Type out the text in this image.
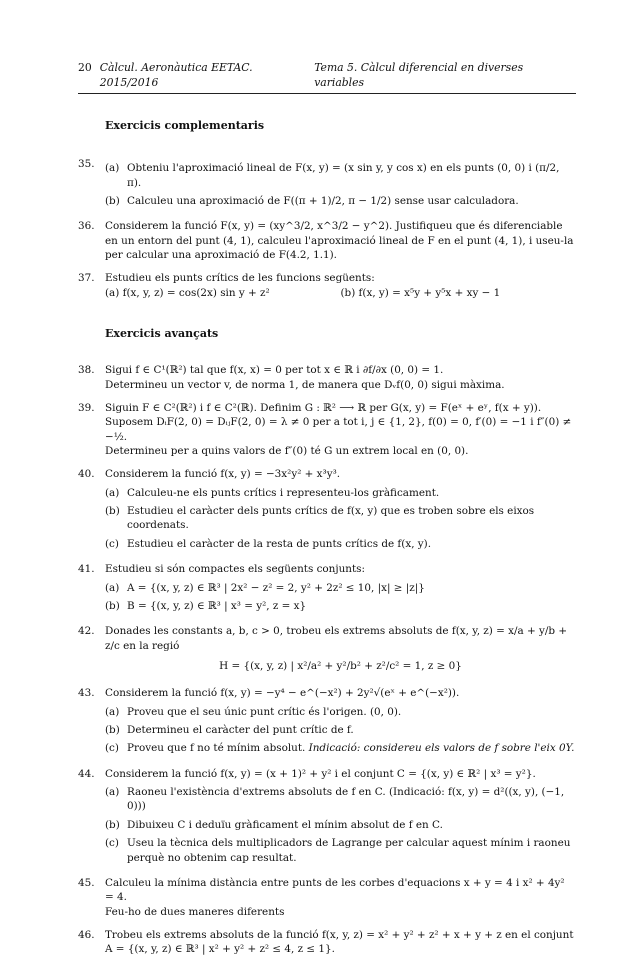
20 Càlcul. Aeronàutica EETAC. 2015/2016
Tema 5. Càlcul diferencial en diverses variables
Exercicis complementaris
35.	(a) Obteniu l'aproximació lineal de F(x, y) = (x sin y, y cos x) en els punts (0, 0) i (π/2, π).
(b) Calculeu una aproximació de F((π + 1)/2, π − 1/2) sense usar calculadora.
36.	Considerem la funció F(x, y) = (xy^3/2, x^3/2 − y^2). Justifiqueu que és diferenciable en un entorn del punt (4, 1), calculeu l'aproximació lineal de F en el punt (4, 1), i useu-la per calcular una aproximació de F(4.2, 1.1).

37.	Estudieu els punts crítics de les funcions següents:

(a) f(x, y, z) = cos(2x) sin y + z²	(b) f(x, y) = x⁵y + y⁵x + xy − 1
Exercicis avançats
38.	Sigui f ∈ C¹(ℝ²) tal que f(x, x) = 0 per tot x ∈ ℝ i ∂f/∂x (0, 0) = 1.

Determineu un vector v, de norma 1, de manera que Dᵥf(0, 0) sigui màxima.

39.	Siguin F ∈ C²(ℝ²) i f ∈ C²(ℝ). Definim G : ℝ² ⟶ ℝ per G(x, y) = F(eˣ + eʸ, f(x + y)).

Suposem DᵢF(2, 0) = DᵢⱼF(2, 0) = λ ≠ 0 per a tot i, j ∈ {1, 2}, f(0) = 0, f′(0) = −1 i f″(0) ≠ −½.

Determineu per a quins valors de f″(0) té G un extrem local en (0, 0).

40.	Considerem la funció f(x, y) = −3x²y² + x³y³.

(a) Calculeu-ne els punts crítics i representeu-los gràficament.
(b) Estudieu el caràcter dels punts crítics de f(x, y) que es troben sobre els eixos coordenats.
(c) Estudieu el caràcter de la resta de punts crítics de f(x, y).
41.	Estudieu si són compactes els següents conjunts:

(a) A = {(x, y, z) ∈ ℝ³ | 2x² − z² = 2, y² + 2z² ≤ 10, |x| ≥ |z|}
(b) B = {(x, y, z) ∈ ℝ³ | x³ = y², z = x}
42.	Donades les constants a, b, c > 0, trobeu els extrems absoluts de f(x, y, z) = x/a + y/b + z/c en la regió

H = {(x, y, z) | x²/a² + y²/b² + z²/c² = 1, z ≥ 0}
43.	Considerem la funció f(x, y) = −y⁴ − e^(−x²) + 2y²√(eˣ + e^(−x²)).

(a) Proveu que el seu únic punt crític és l'origen. (0, 0).
(b) Determineu el caràcter del punt crític de f.
(c) Proveu que f no té mínim absolut. Indicació: considereu els valors de f sobre l'eix 0Y.
44.	Considerem la funció f(x, y) = (x + 1)² + y² i el conjunt C = {(x, y) ∈ ℝ² | x³ = y²}.

(a) Raoneu l'existència d'extrems absoluts de f en C. (Indicació: f(x, y) = d²((x, y), (−1, 0)))
(b) Dibuixeu C i deduïu gràficament el mínim absolut de f en C.
(c) Useu la tècnica dels multiplicadors de Lagrange per calcular aquest mínim i raoneu perquè no obtenim cap resultat.
45.	Calculeu la mínima distància entre punts de les corbes d'equacions x + y = 4 i x² + 4y² = 4.

Feu-ho de dues maneres diferents

46.	Trobeu els extrems absoluts de la funció f(x, y, z) = x² + y² + z² + x + y + z en el conjunt A = {(x, y, z) ∈ ℝ³ | x² + y² + z² ≤ 4, z ≤ 1}.
